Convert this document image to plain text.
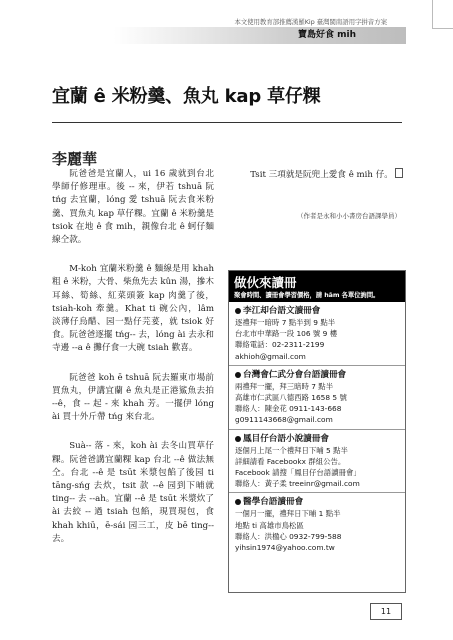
本文使用教育部推薦漢羅Kip 臺灣閩南語用字拼音方案
寶島好食 mih
宜蘭 ê 米粉羹、魚丸 kap 草仔粿
李麗華

阮爸爸是宜蘭人，ui 16 歲就到台北學師仔修理車。後 -- 來，伊若 tshuā 阮 tńg 去宜蘭，lóng 愛 tshuā 阮去食米粉羹、買魚丸 kap 草仔粿。宜蘭 ê 米粉羹是 tsiok 在地 ê 食 mih，親像台北 ê 蚵仔麵線仝款。

M-koh 宜蘭米粉羹 ê 麵線是用 khah 粗 ê 米粉，大骨、柴魚先去 kûn 湯，摻木耳絲、筍絲、紅菜頭簽 kap 肉羹了後，tsiah-koh 牽羹。Khat ti 碗公內，lâm 淡薄仔烏醋、园一點仔芫荽，就 tsiok 好食。阮爸爸逐擺 tńg-- 去，lóng ài 去永和寺邊 --a ê 攤仔食一大碗 tsiah 歡喜。

阮爸爸 koh ē tshuā 阮去羅東市場前買魚丸，伊講宜蘭 ê 魚丸是正港鯊魚去拍 --ê，食 -- 起 - 來 khah 芳。一擺伊 lóng ài 買十外斤帶 tńg 來台北。

Suà-- 落 - 來，koh ài 去冬山買草仔粿。阮爸爸講宜蘭粿 kap 台北 --ê 做法無仝。台北 --ê 是 tsūt 米漿包餡了後园 ti tāng-sńg 去炊，tsit 款 --ê 园到下晡就 ting-- 去 --ah。宜蘭 --ê 是 tsūt 米漿炊了 ài 去絞 -- 過 tsiah 包餡，現買現包，食 khah khiū，ē-sái 园三工，皮 bē ting-- 去。

Tsit 三項就是阮兜上愛食 ê mih 仔。

（作者是永和小小書房台語課學員）
做伙來讀冊
聚會時間、讀冊會學習價格，請 hām 各單位詢問。
李江却台語文讀冊會
逐禮拜一暗時 7 點半到 9 點半
台北市中華路一段 106 號 9 樓
聯絡電話：02-2311-2199
akhioh@gmail.com
台灣會仁武分會台語讀冊會
兩禮拜一擺，拜三暗時 7 點半
高雄市仁武區八德西路 1658 5 號
聯絡人：陳金花 0911-143-668
g0911143668@gmail.com
鳳目仔台語小說讀冊會
逐個月上尾一个禮拜日下晡 5 點半
詳細請看 Facebookx 群組公告。
Facebook 請搜「鳳目仔台語讀冊會」
聯絡人：黃子柔 treeinr@gmail.com
醫學台語讀冊會
一個月一擺，禮拜日下晡 1 點半
地點 ti 高雄市鳥松區
聯絡人：洪楹心 0932-799-588
yihsin1974@yahoo.com.tw
11
